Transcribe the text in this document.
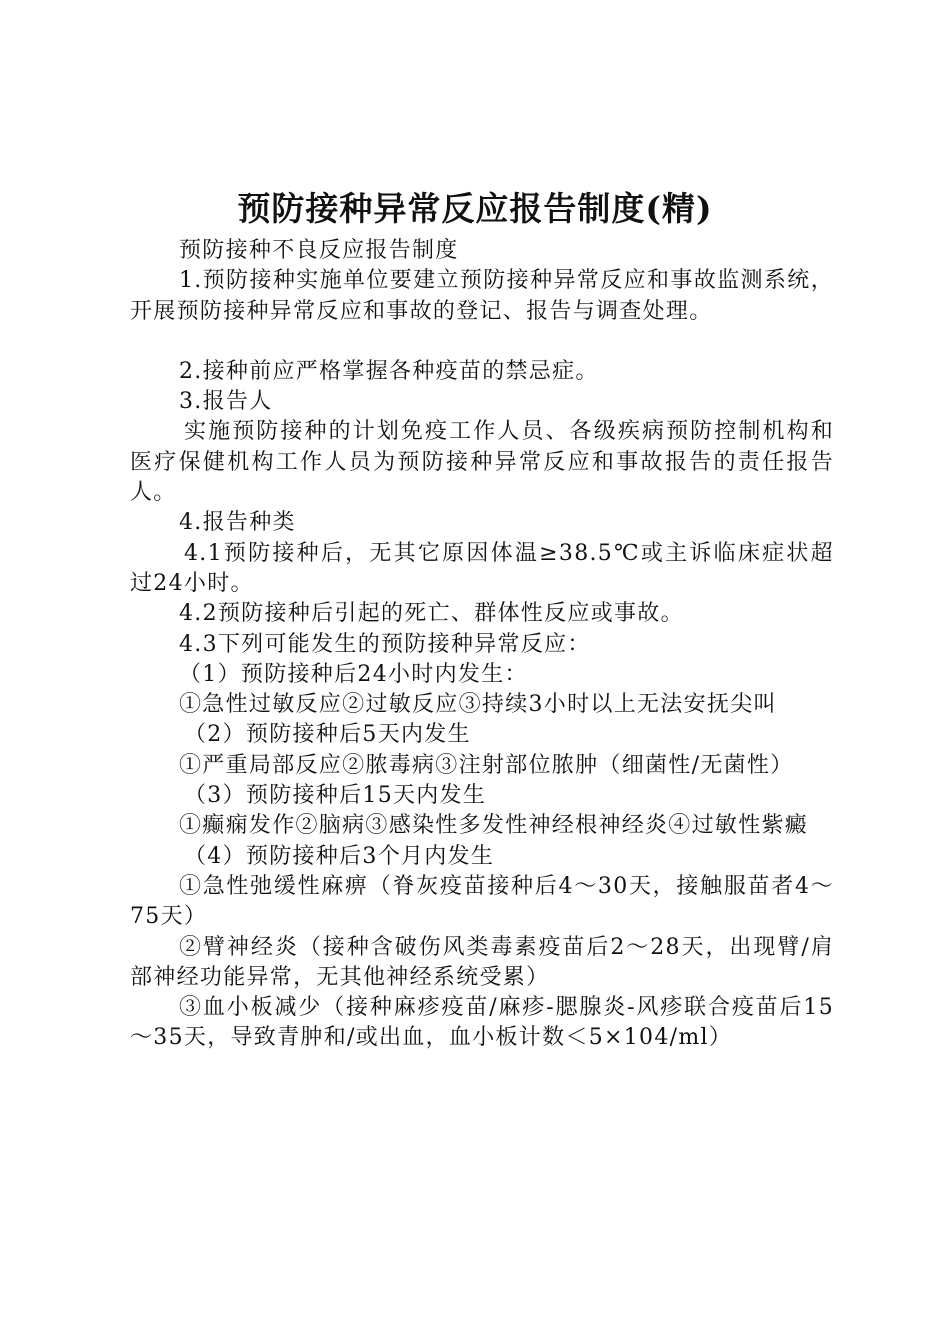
预防接种异常反应报告制度(精)

预防接种不良反应报告制度

1.预防接种实施单位要建立预防接种异常反应和事故监测系统，开展预防接种异常反应和事故的登记、报告与调查处理。

2.接种前应严格掌握各种疫苗的禁忌症。

3.报告人

实施预防接种的计划免疫工作人员、各级疾病预防控制机构和医疗保健机构工作人员为预防接种异常反应和事故报告的责任报告人。

4.报告种类

4.1预防接种后，无其它原因体温≥38.5℃或主诉临床症状超过24小时。

4.2预防接种后引起的死亡、群体性反应或事故。

4.3下列可能发生的预防接种异常反应：

（1）预防接种后24小时内发生：

①急性过敏反应②过敏反应③持续3小时以上无法安抚尖叫

（2）预防接种后5天内发生

①严重局部反应②脓毒病③注射部位脓肿（细菌性/无菌性）

（3）预防接种后15天内发生

①癫痫发作②脑病③感染性多发性神经根神经炎④过敏性紫癜

（4）预防接种后3个月内发生

①急性弛缓性麻痹（脊灰疫苗接种后4～30天，接触服苗者4～75天）

②臂神经炎（接种含破伤风类毒素疫苗后2～28天，出现臂/肩部神经功能异常，无其他神经系统受累）

③血小板减少（接种麻疹疫苗/麻疹-腮腺炎-风疹联合疫苗后15～35天，导致青肿和/或出血，血小板计数＜5×104/ml）
